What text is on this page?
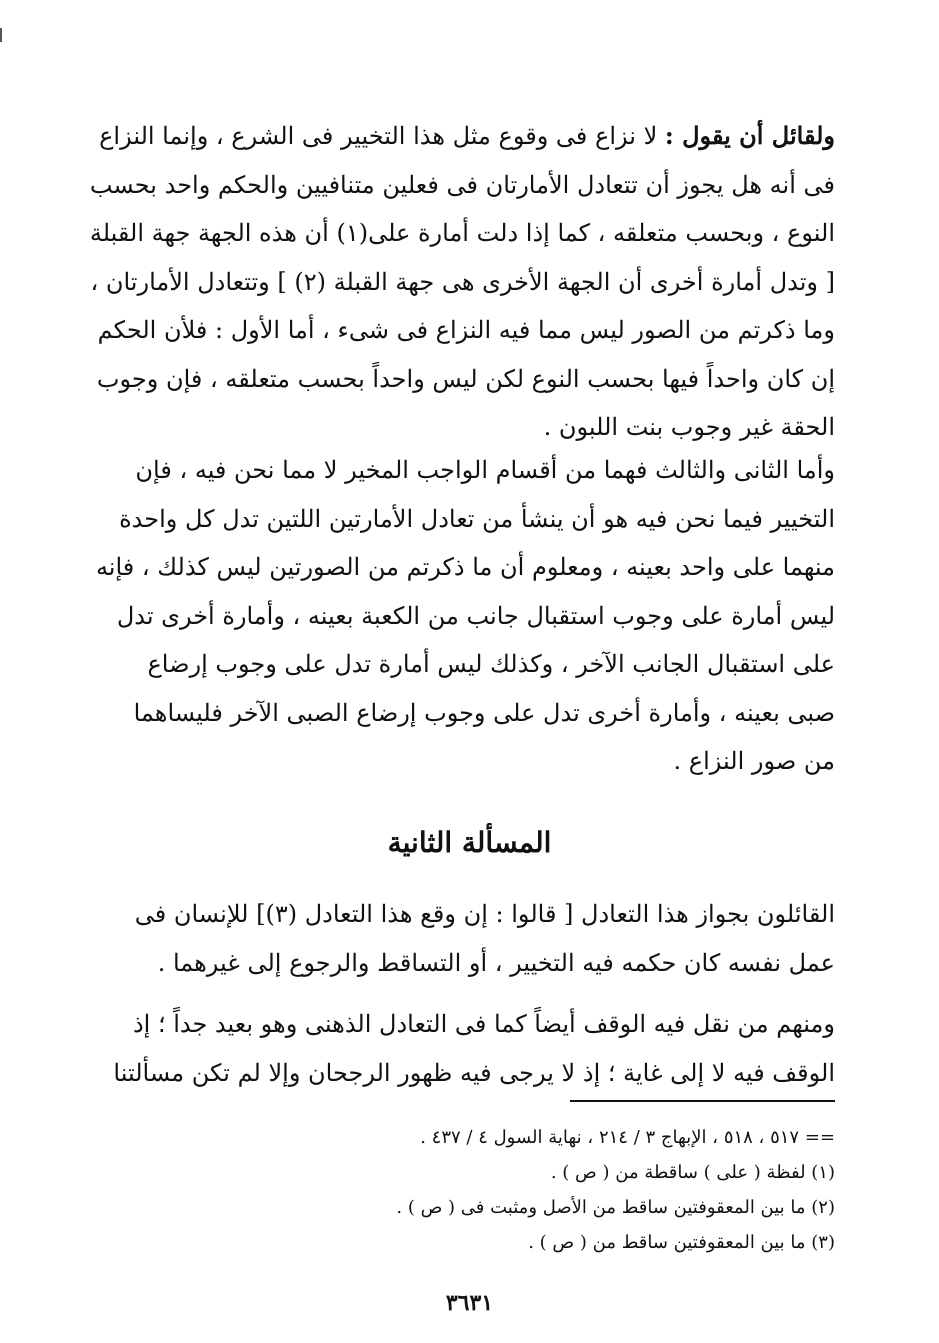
ولقائل أن يقول : لا نزاع فى وقوع مثل هذا التخيير فى الشرع ، وإنما النزاع
فى أنه هل يجوز أن تتعادل الأمارتان فى فعلين متنافيين والحكم واحد بحسب
النوع ، وبحسب متعلقه ، كما إذا دلت أمارة على(١) أن هذه الجهة جهة القبلة
[ وتدل أمارة أخرى أن الجهة الأخرى هى جهة القبلة (٢) ] وتتعادل الأمارتان ،
وما ذكرتم من الصور ليس مما فيه النزاع فى شىء ، أما الأول : فلأن الحكم
إن كان واحداً فيها بحسب النوع لكن ليس واحداً بحسب متعلقه ، فإن وجوب
الحقة غير وجوب بنت اللبون .
وأما الثانى والثالث فهما من أقسام الواجب المخير لا مما نحن فيه ، فإن
التخيير فيما نحن فيه هو أن ينشأ من تعادل الأمارتين اللتين تدل كل واحدة
منهما على واحد بعينه ، ومعلوم أن ما ذكرتم من الصورتين ليس كذلك ، فإنه
ليس أمارة على وجوب استقبال جانب من الكعبة بعينه ، وأمارة أخرى تدل
على استقبال الجانب الآخر ، وكذلك ليس أمارة تدل على وجوب إرضاع
صبى بعينه ، وأمارة أخرى تدل على وجوب إرضاع الصبى الآخر فليساهما
من صور النزاع .
المسألة الثانية
القائلون بجواز هذا التعادل [ قالوا : إن وقع هذا التعادل (٣)] للإنسان فى
عمل نفسه كان حكمه فيه التخيير ، أو التساقط والرجوع إلى غيرهما .
ومنهم من نقل فيه الوقف أيضاً كما فى التعادل الذهنى وهو بعيد جداً ؛ إذ
الوقف فيه لا إلى غاية ؛ إذ لا يرجى فيه ظهور الرجحان وإلا لم تكن مسألتنا
== ٥١٧ ، ٥١٨ ، الإبهاج ٣ / ٢١٤ ، نهاية السول ٤ / ٤٣٧ .
(١) لفظة ( على ) ساقطة من ( ص ) .
(٢) ما بين المعقوفتين ساقط من الأصل ومثبت فى ( ص ) .
(٣) ما بين المعقوفتين ساقط من ( ص ) .
٣٦٣١
